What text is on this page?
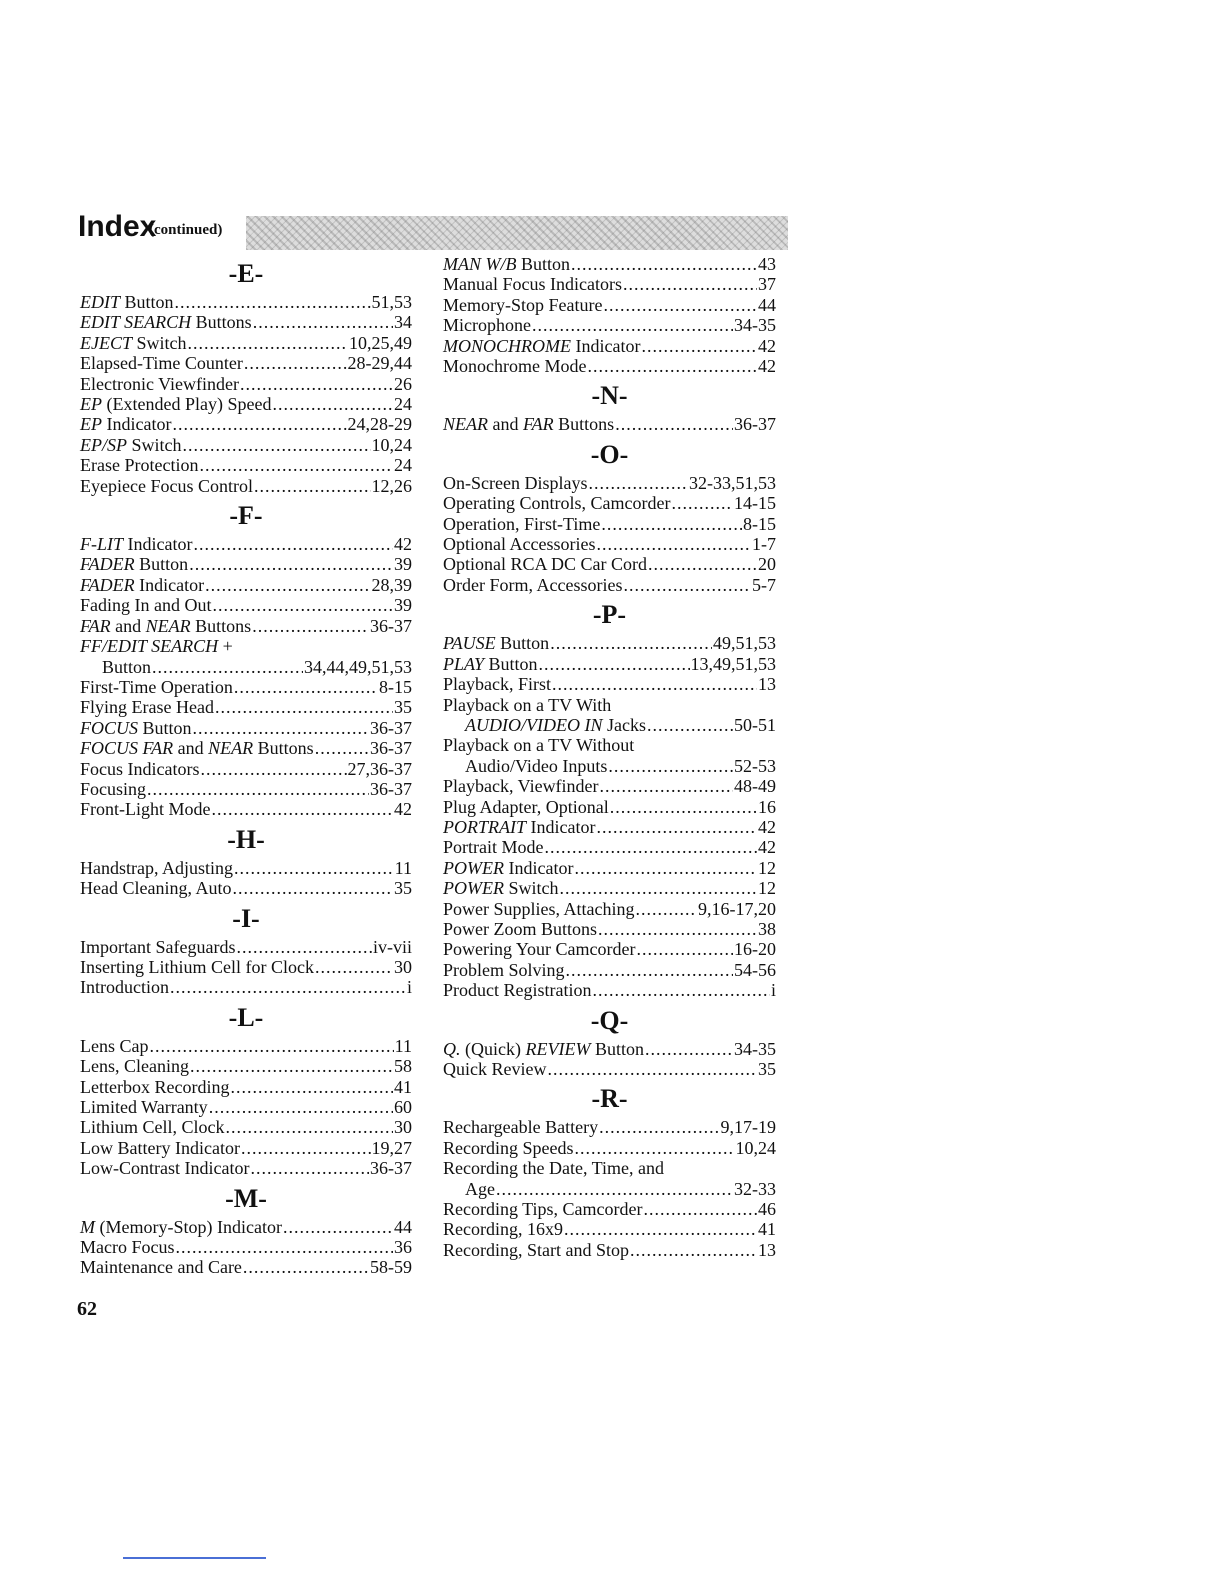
Index
(continued)
-E-
EDIT Button .....	51,53
EDIT SEARCH Buttons .....	34
EJECT Switch .....	10,25,49
Elapsed-Time Counter .....	28-29,44
Electronic Viewfinder .....	26
EP (Extended Play) Speed .....	24
EP Indicator .....	24,28-29
EP/SP Switch .....	10,24
Erase Protection .....	24
Eyepiece Focus Control .....	12,26
-F-
F-LIT Indicator .....	42
FADER Button .....	39
FADER Indicator .....	28,39
Fading In and Out .....	39
FAR and NEAR Buttons .....	36-37
FF/EDIT SEARCH +
Button .....	34,44,49,51,53
First-Time Operation .....	8-15
Flying Erase Head .....	35
FOCUS Button .....	36-37
FOCUS FAR and NEAR Buttons .....	36-37
Focus Indicators .....	27,36-37
Focusing .....	36-37
Front-Light Mode .....	42
-H-
Handstrap, Adjusting .....	11
Head Cleaning, Auto .....	35
-I-
Important Safeguards .....	iv-vii
Inserting Lithium Cell for Clock .....	30
Introduction .....	i
-L-
Lens Cap .....	11
Lens, Cleaning .....	58
Letterbox Recording .....	41
Limited Warranty .....	60
Lithium Cell, Clock .....	30
Low Battery Indicator .....	19,27
Low-Contrast Indicator .....	36-37
-M-
M (Memory-Stop) Indicator .....	44
Macro Focus .....	36
Maintenance and Care .....	58-59
MAN W/B Button .....	43
Manual Focus Indicators .....	37
Memory-Stop Feature .....	44
Microphone .....	34-35
MONOCHROME Indicator .....	42
Monochrome Mode .....	42
-N-
NEAR and FAR Buttons .....	36-37
-O-
On-Screen Displays .....	32-33,51,53
Operating Controls, Camcorder .....	14-15
Operation, First-Time .....	8-15
Optional Accessories .....	1-7
Optional RCA DC Car Cord .....	20
Order Form, Accessories .....	5-7
-P-
PAUSE Button .....	49,51,53
PLAY Button .....	13,49,51,53
Playback, First .....	13
Playback on a TV With
AUDIO/VIDEO IN Jacks .....	50-51
Playback on a TV Without
Audio/Video Inputs .....	52-53
Playback, Viewfinder .....	48-49
Plug Adapter, Optional .....	16
PORTRAIT Indicator .....	42
Portrait Mode .....	42
POWER Indicator .....	12
POWER Switch .....	12
Power Supplies, Attaching .....	9,16-17,20
Power Zoom Buttons .....	38
Powering Your Camcorder .....	16-20
Problem Solving .....	54-56
Product Registration .....	i
-Q-
Q. (Quick) REVIEW Button .....	34-35
Quick Review .....	35
-R-
Rechargeable Battery .....	9,17-19
Recording Speeds .....	10,24
Recording the Date, Time, and
Age .....	32-33
Recording Tips, Camcorder .....	46
Recording, 16x9 .....	41
Recording, Start and Stop .....	13
62
